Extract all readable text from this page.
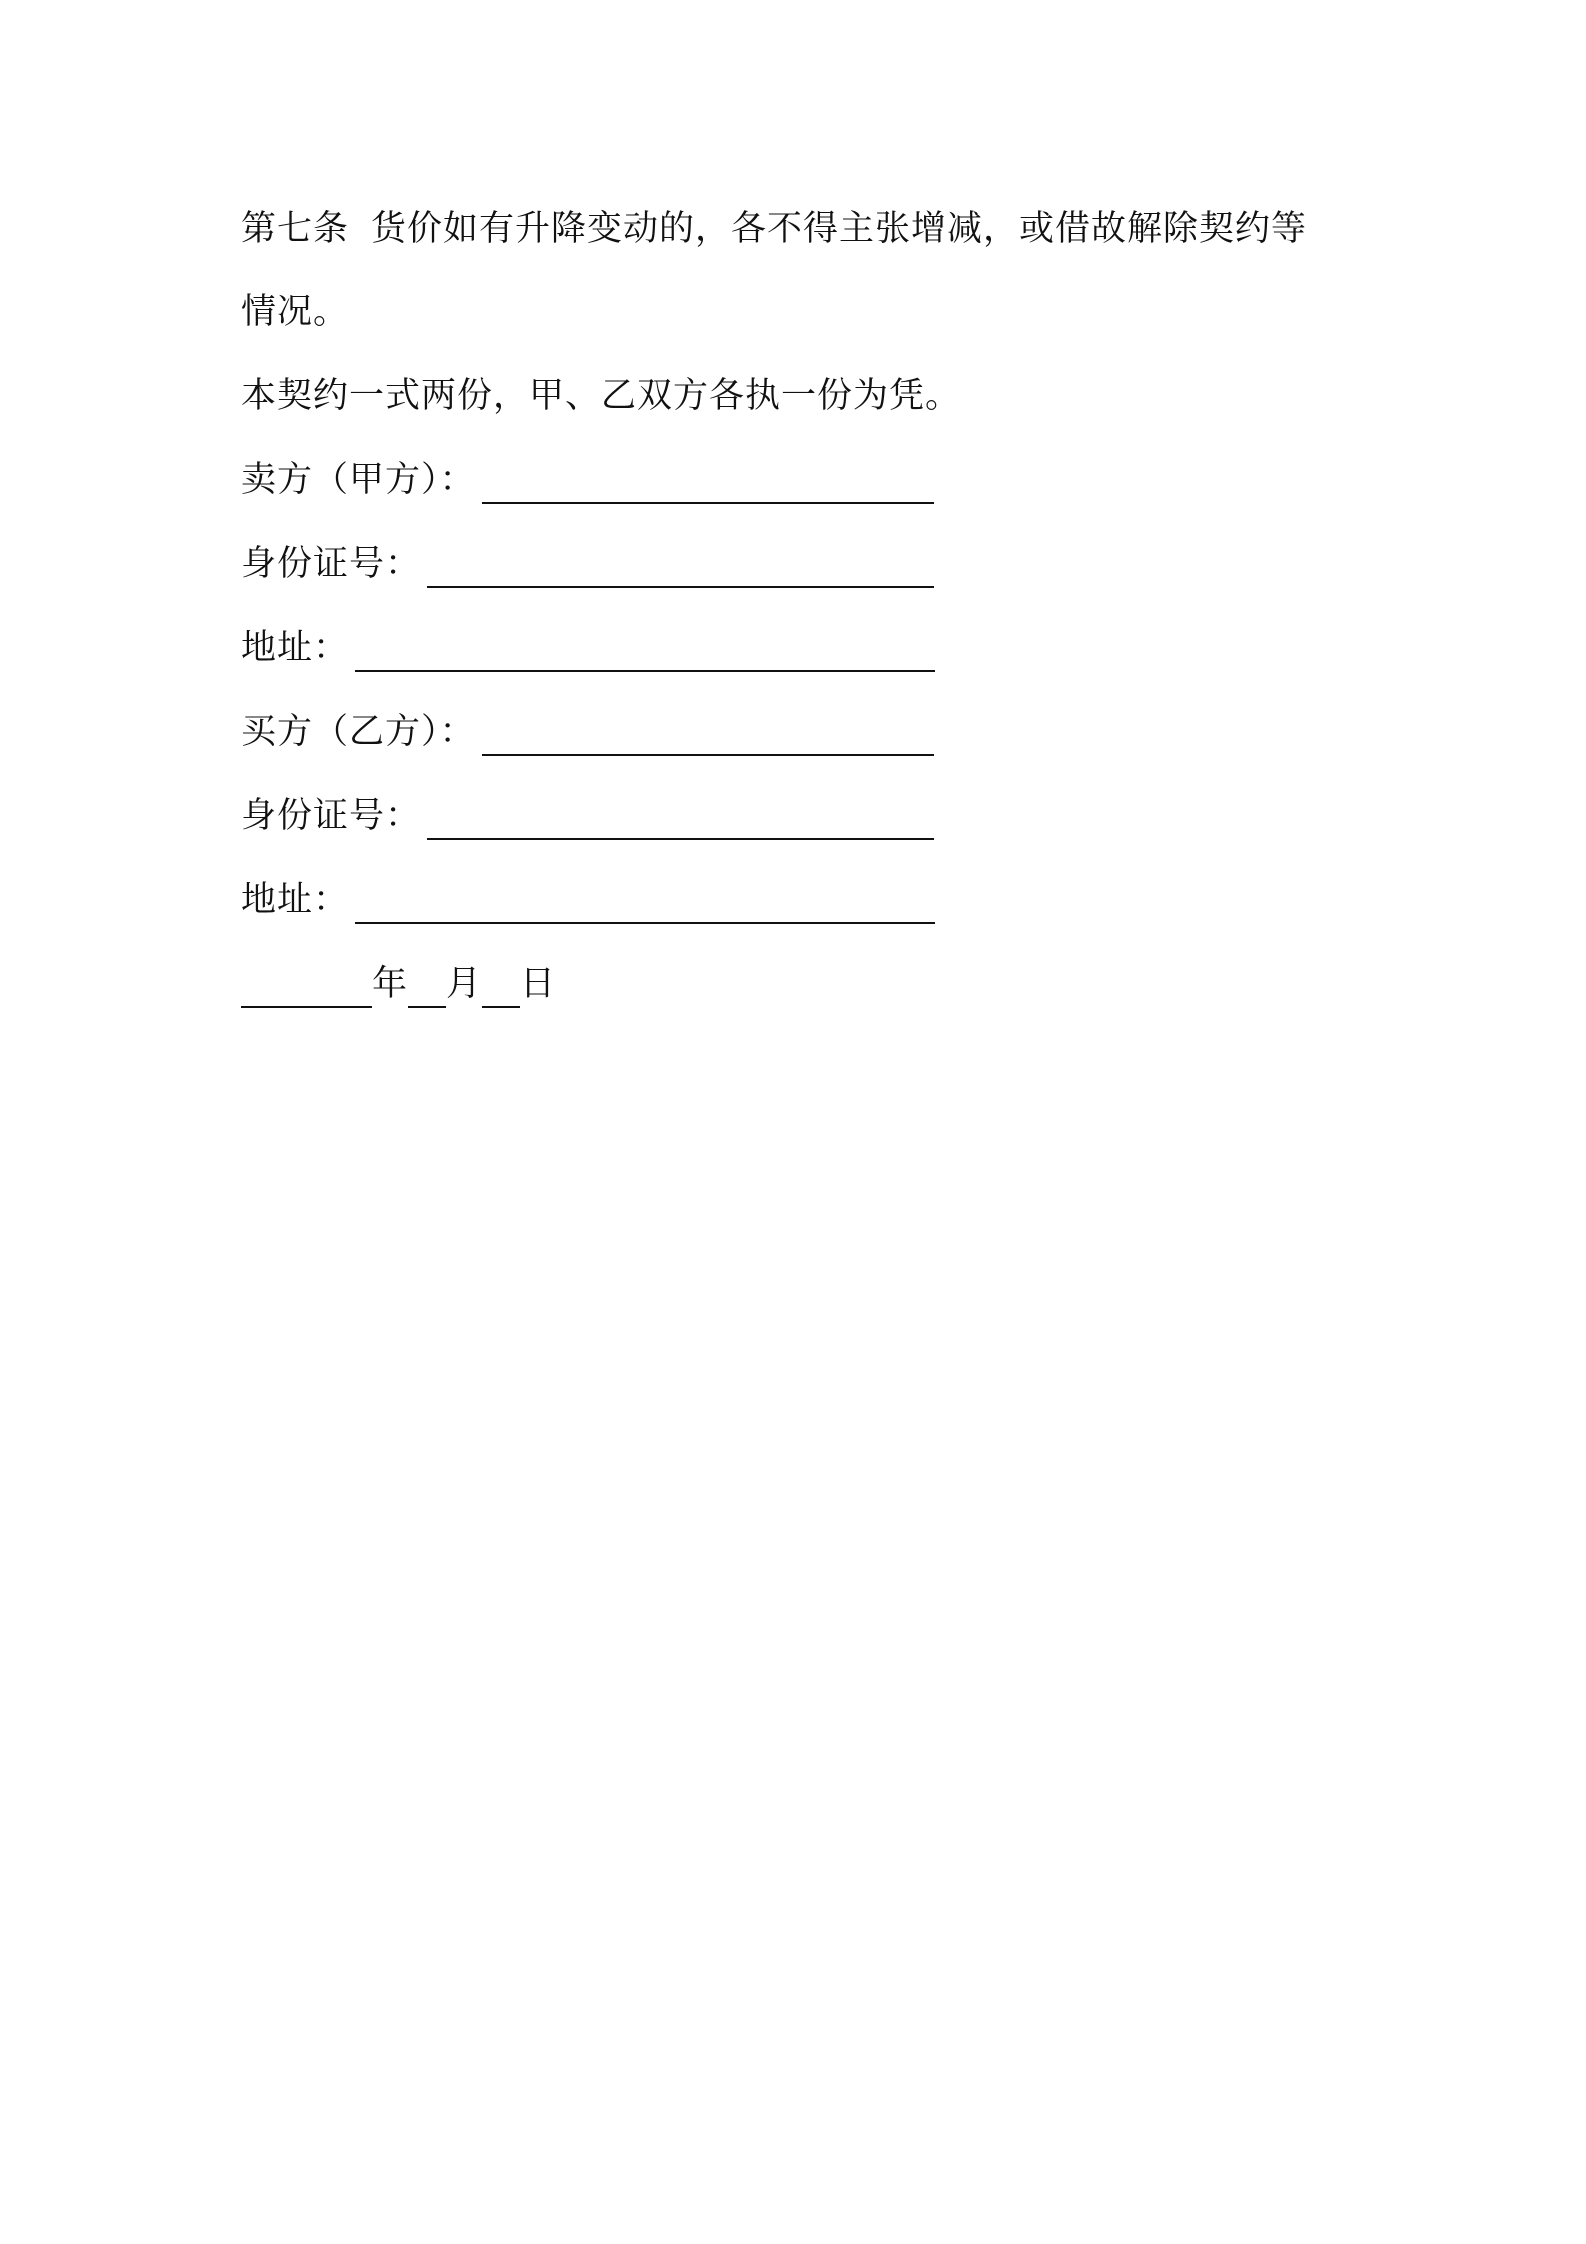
第七条 货价如有升降变动的，各不得主张增减，或借故解除契约等
情况。
本契约一式两份，甲、乙双方各执一份为凭。
卖方（甲方）：
身份证号：
地址：
买方（乙方）：
身份证号：
地址：
年 月 日
